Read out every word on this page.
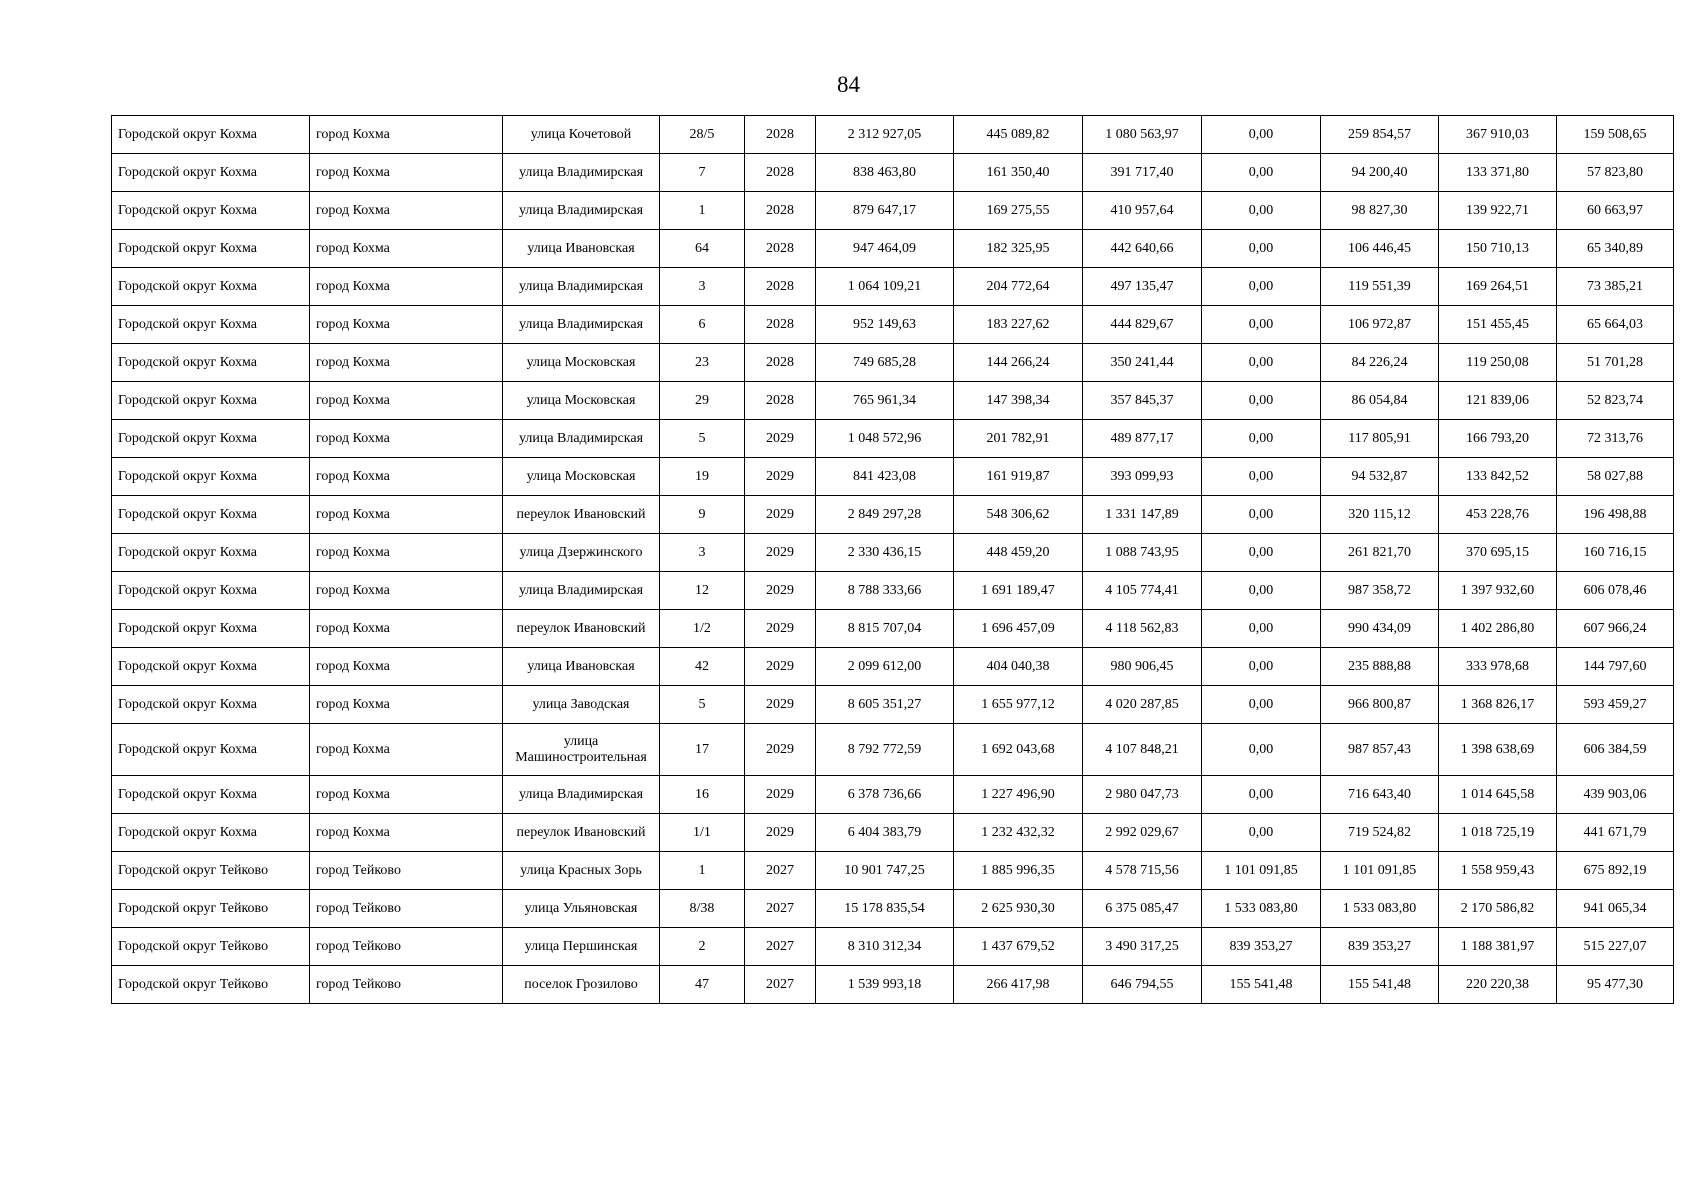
84
Городской округ Кохма	город Кохма	улица Кочетовой	28/5	2028	2 312 927,05	445 089,82	1 080 563,97	0,00	259 854,57	367 910,03	159 508,65
Городской округ Кохма	город Кохма	улица Владимирская	7	2028	838 463,80	161 350,40	391 717,40	0,00	94 200,40	133 371,80	57 823,80
Городской округ Кохма	город Кохма	улица Владимирская	1	2028	879 647,17	169 275,55	410 957,64	0,00	98 827,30	139 922,71	60 663,97
Городской округ Кохма	город Кохма	улица Ивановская	64	2028	947 464,09	182 325,95	442 640,66	0,00	106 446,45	150 710,13	65 340,89
Городской округ Кохма	город Кохма	улица Владимирская	3	2028	1 064 109,21	204 772,64	497 135,47	0,00	119 551,39	169 264,51	73 385,21
Городской округ Кохма	город Кохма	улица Владимирская	6	2028	952 149,63	183 227,62	444 829,67	0,00	106 972,87	151 455,45	65 664,03
Городской округ Кохма	город Кохма	улица Московская	23	2028	749 685,28	144 266,24	350 241,44	0,00	84 226,24	119 250,08	51 701,28
Городской округ Кохма	город Кохма	улица Московская	29	2028	765 961,34	147 398,34	357 845,37	0,00	86 054,84	121 839,06	52 823,74
Городской округ Кохма	город Кохма	улица Владимирская	5	2029	1 048 572,96	201 782,91	489 877,17	0,00	117 805,91	166 793,20	72 313,76
Городской округ Кохма	город Кохма	улица Московская	19	2029	841 423,08	161 919,87	393 099,93	0,00	94 532,87	133 842,52	58 027,88
Городской округ Кохма	город Кохма	переулок Ивановский	9	2029	2 849 297,28	548 306,62	1 331 147,89	0,00	320 115,12	453 228,76	196 498,88
Городской округ Кохма	город Кохма	улица Дзержинского	3	2029	2 330 436,15	448 459,20	1 088 743,95	0,00	261 821,70	370 695,15	160 716,15
Городской округ Кохма	город Кохма	улица Владимирская	12	2029	8 788 333,66	1 691 189,47	4 105 774,41	0,00	987 358,72	1 397 932,60	606 078,46
Городской округ Кохма	город Кохма	переулок Ивановский	1/2	2029	8 815 707,04	1 696 457,09	4 118 562,83	0,00	990 434,09	1 402 286,80	607 966,24
Городской округ Кохма	город Кохма	улица Ивановская	42	2029	2 099 612,00	404 040,38	980 906,45	0,00	235 888,88	333 978,68	144 797,60
Городской округ Кохма	город Кохма	улица Заводская	5	2029	8 605 351,27	1 655 977,12	4 020 287,85	0,00	966 800,87	1 368 826,17	593 459,27
Городской округ Кохма	город Кохма	улица Машиностроительная	17	2029	8 792 772,59	1 692 043,68	4 107 848,21	0,00	987 857,43	1 398 638,69	606 384,59
Городской округ Кохма	город Кохма	улица Владимирская	16	2029	6 378 736,66	1 227 496,90	2 980 047,73	0,00	716 643,40	1 014 645,58	439 903,06
Городской округ Кохма	город Кохма	переулок Ивановский	1/1	2029	6 404 383,79	1 232 432,32	2 992 029,67	0,00	719 524,82	1 018 725,19	441 671,79
Городской округ Тейково	город Тейково	улица Красных Зорь	1	2027	10 901 747,25	1 885 996,35	4 578 715,56	1 101 091,85	1 101 091,85	1 558 959,43	675 892,19
Городской округ Тейково	город Тейково	улица Ульяновская	8/38	2027	15 178 835,54	2 625 930,30	6 375 085,47	1 533 083,80	1 533 083,80	2 170 586,82	941 065,34
Городской округ Тейково	город Тейково	улица Першинская	2	2027	8 310 312,34	1 437 679,52	3 490 317,25	839 353,27	839 353,27	1 188 381,97	515 227,07
Городской округ Тейково	город Тейково	поселок Грозилово	47	2027	1 539 993,18	266 417,98	646 794,55	155 541,48	155 541,48	220 220,38	95 477,30
